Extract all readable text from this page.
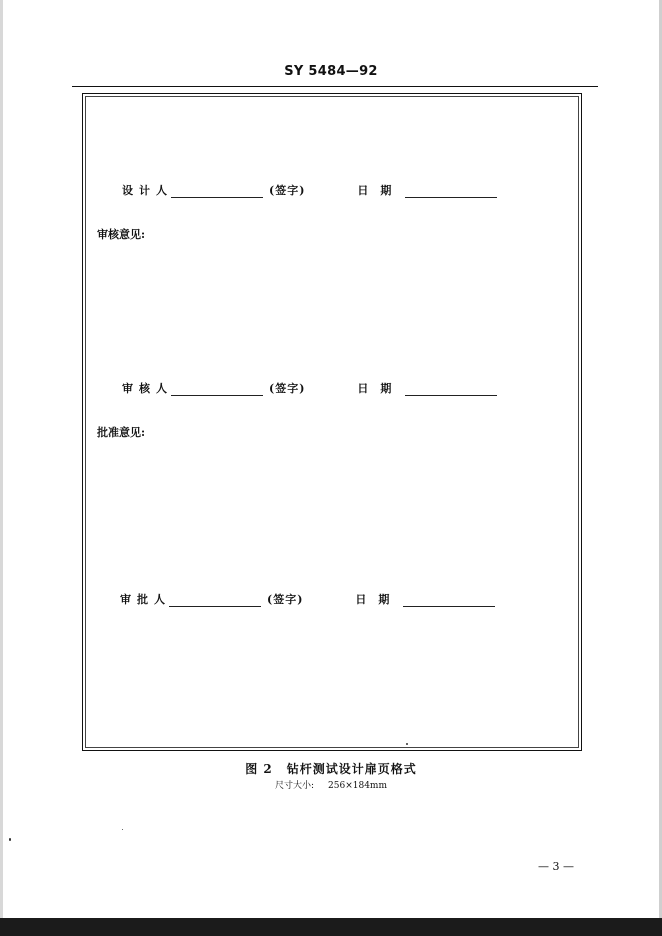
SY 5484—92
设计人	(签字)	日期
审核意见:
审核人	(签字)	日期
批准意见:
审批人	(签字)	日期
图 2 钻杆测试设计扉页格式
尺寸大小: 256×184mm
— 3 —
